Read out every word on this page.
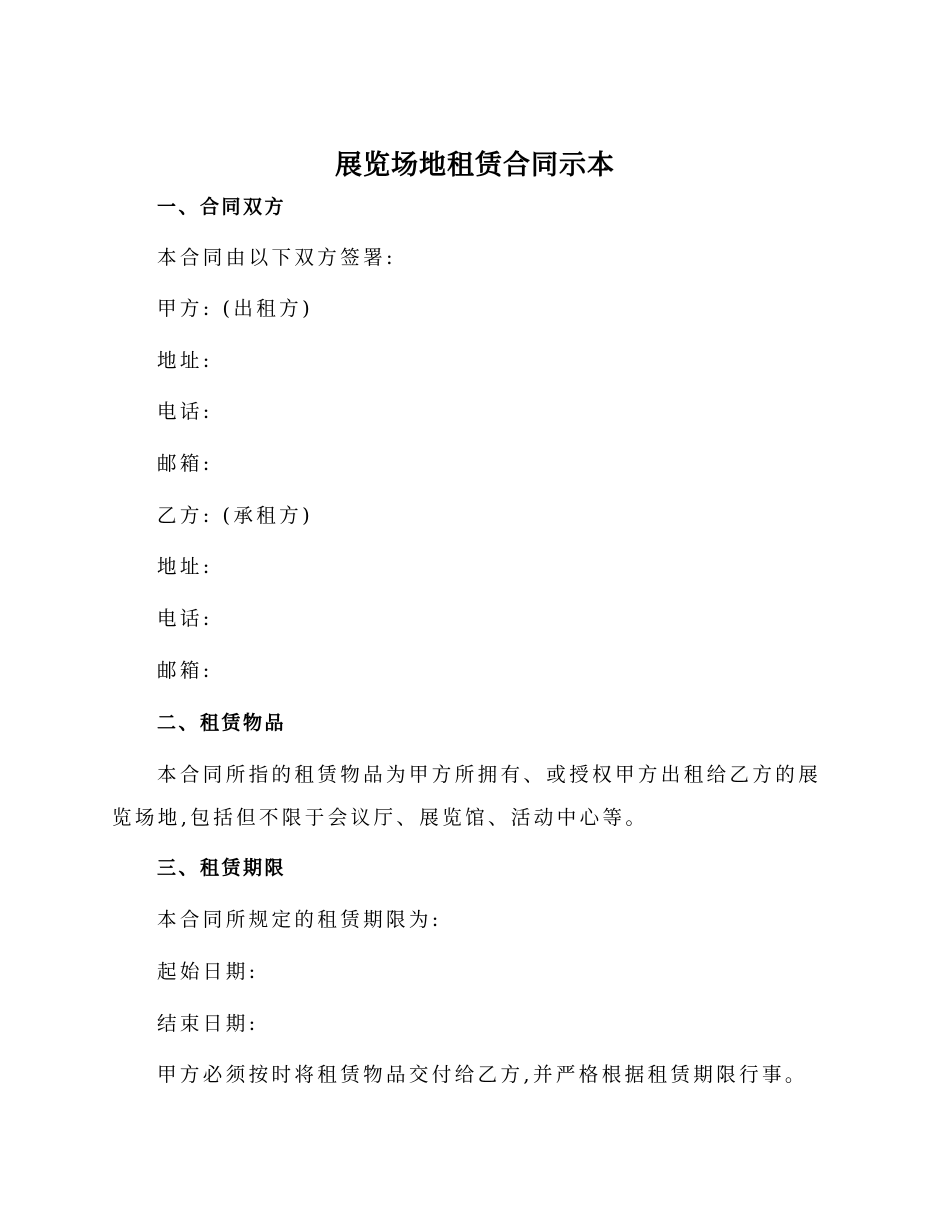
展览场地租赁合同示本
一、合同双方
本合同由以下双方签署:
甲方: (出租方)
地址:
电话:
邮箱:
乙方: (承租方)
地址:
电话:
邮箱:
二、租赁物品
本合同所指的租赁物品为甲方所拥有、或授权甲方出租给乙方的展览场地,包括但不限于会议厅、展览馆、活动中心等。
三、租赁期限
本合同所规定的租赁期限为:
起始日期:
结束日期:
甲方必须按时将租赁物品交付给乙方,并严格根据租赁期限行事。
